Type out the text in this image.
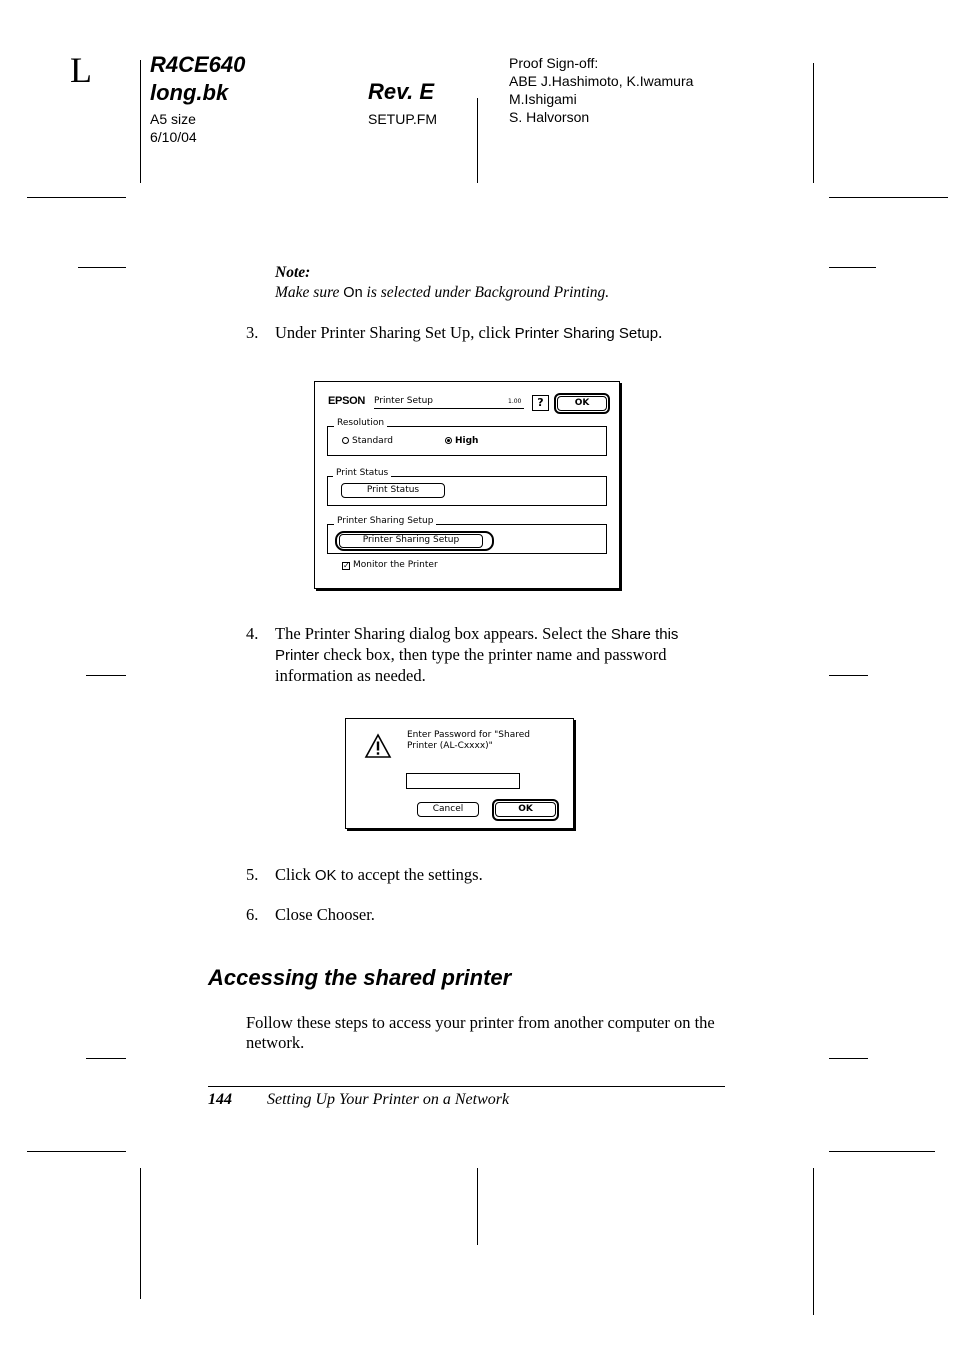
L	R4CE640
long.bk
A5 size
6/10/04
Rev. E
SETUP.FM
Proof Sign-off:
ABE J.Hashimoto, K.Iwamura
M.Ishigami
S. Halvorson
Note:
Make sure On is selected under Background Printing.
3.	Under Printer Sharing Set Up, click Printer Sharing Setup.
EPSON Printer Setup	1.00	?	OK
Resolution
Standard	High
Print Status
Print Status
Printer Sharing Setup
Printer Sharing Setup
✓ Monitor the Printer
4.	The Printer Sharing dialog box appears. Select the Share this Printer check box, then type the printer name and password information as needed.
Enter Password for "Shared
Printer (AL-Cxxxx)"
Cancel	OK
5.	Click OK to accept the settings.
6.	Close Chooser.
Accessing the shared printer
Follow these steps to access your printer from another computer on the network.
144 Setting Up Your Printer on a Network
